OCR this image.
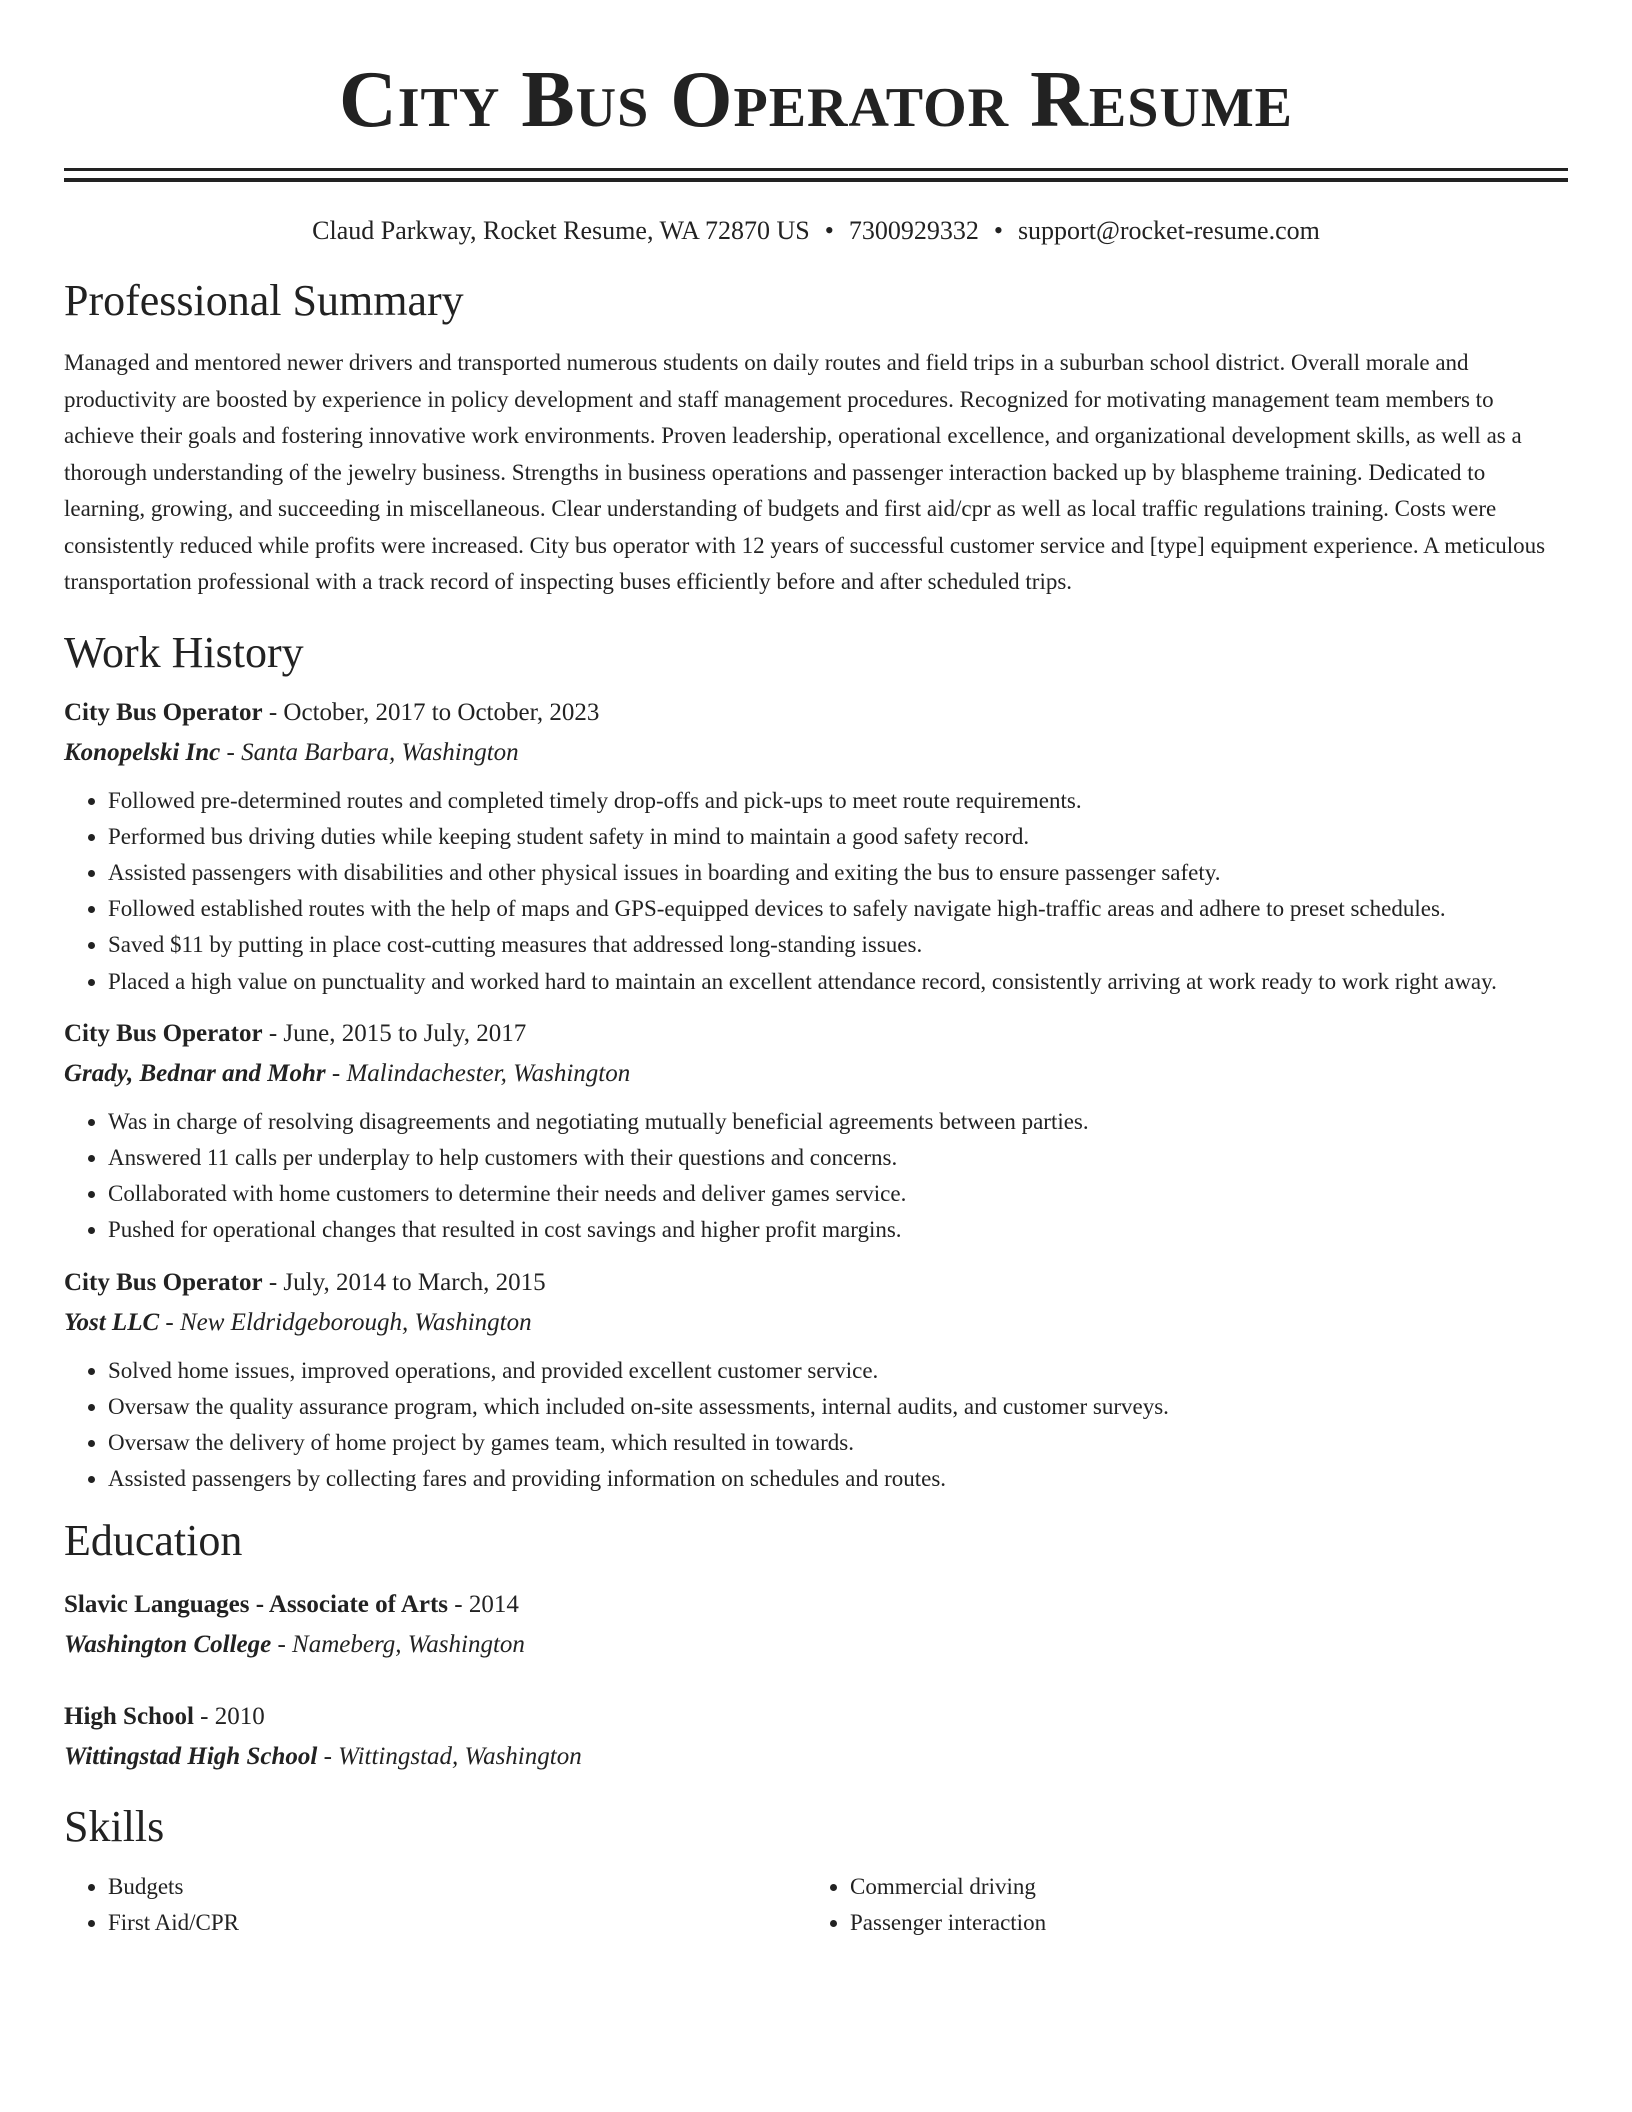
City Bus Operator Resume
Claud Parkway, Rocket Resume, WA 72870 US • 7300929332 • support@rocket-resume.com
Professional Summary

Managed and mentored newer drivers and transported numerous students on daily routes and field trips in a suburban school district. Overall morale and productivity are boosted by experience in policy development and staff management procedures. Recognized for motivating management team members to achieve their goals and fostering innovative work environments. Proven leadership, operational excellence, and organizational development skills, as well as a thorough understanding of the jewelry business. Strengths in business operations and passenger interaction backed up by blaspheme training. Dedicated to learning, growing, and succeeding in miscellaneous. Clear understanding of budgets and first aid/cpr as well as local traffic regulations training. Costs were consistently reduced while profits were increased. City bus operator with 12 years of successful customer service and [type] equipment experience. A meticulous transportation professional with a track record of inspecting buses efficiently before and after scheduled trips.

Work History
City Bus Operator - October, 2017 to October, 2023
Konopelski Inc - Santa Barbara, Washington
• Followed pre-determined routes and completed timely drop-offs and pick-ups to meet route requirements.
• Performed bus driving duties while keeping student safety in mind to maintain a good safety record.
• Assisted passengers with disabilities and other physical issues in boarding and exiting the bus to ensure passenger safety.
• Followed established routes with the help of maps and GPS-equipped devices to safely navigate high-traffic areas and adhere to preset schedules.
• Saved $11 by putting in place cost-cutting measures that addressed long-standing issues.
• Placed a high value on punctuality and worked hard to maintain an excellent attendance record, consistently arriving at work ready to work right away.
City Bus Operator - June, 2015 to July, 2017
Grady, Bednar and Mohr - Malindachester, Washington
• Was in charge of resolving disagreements and negotiating mutually beneficial agreements between parties.
• Answered 11 calls per underplay to help customers with their questions and concerns.
• Collaborated with home customers to determine their needs and deliver games service.
• Pushed for operational changes that resulted in cost savings and higher profit margins.
City Bus Operator - July, 2014 to March, 2015
Yost LLC - New Eldridgeborough, Washington
• Solved home issues, improved operations, and provided excellent customer service.
• Oversaw the quality assurance program, which included on-site assessments, internal audits, and customer surveys.
• Oversaw the delivery of home project by games team, which resulted in towards.
• Assisted passengers by collecting fares and providing information on schedules and routes.
Education
Slavic Languages - Associate of Arts - 2014
Washington College - Nameberg, Washington
High School - 2010
Wittingstad High School - Wittingstad, Washington
Skills
• Budgets
• First Aid/CPR
• Commercial driving
• Passenger interaction
